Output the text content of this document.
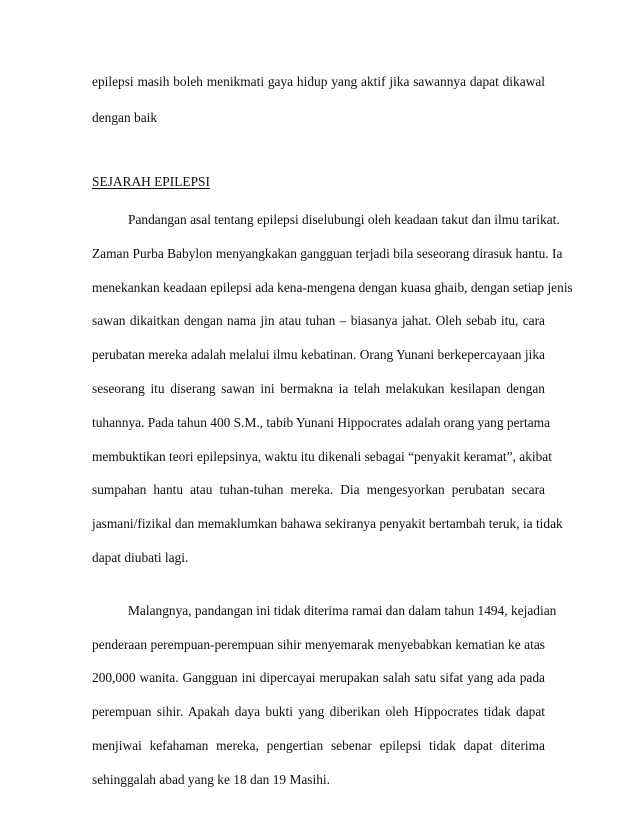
epilepsi masih boleh menikmati gaya hidup yang aktif jika sawannya dapat dikawal
dengan baik
SEJARAH EPILEPSI
Pandangan asal tentang epilepsi diselubungi oleh keadaan takut dan ilmu tarikat.
Zaman Purba Babylon menyangkakan gangguan terjadi bila seseorang dirasuk hantu. Ia
menekankan keadaan epilepsi ada kena-mengena dengan kuasa ghaib, dengan setiap jenis
sawan dikaitkan dengan nama jin atau tuhan – biasanya jahat. Oleh sebab itu, cara
perubatan mereka adalah melalui ilmu kebatinan. Orang Yunani berkepercayaan jika
seseorang itu diserang sawan ini bermakna ia telah melakukan kesilapan dengan
tuhannya. Pada tahun 400 S.M., tabib Yunani Hippocrates adalah orang yang pertama
membuktikan teori epilepsinya, waktu itu dikenali sebagai “penyakit keramat”, akibat
sumpahan hantu atau tuhan-tuhan mereka. Dia mengesyorkan perubatan secara
jasmani/fizikal dan memaklumkan bahawa sekiranya penyakit bertambah teruk, ia tidak
dapat diubati lagi.
Malangnya, pandangan ini tidak diterima ramai dan dalam tahun 1494, kejadian
penderaan perempuan-perempuan sihir menyemarak menyebabkan kematian ke atas
200,000 wanita. Gangguan ini dipercayai merupakan salah satu sifat yang ada pada
perempuan sihir. Apakah daya bukti yang diberikan oleh Hippocrates tidak dapat
menjiwai kefahaman mereka, pengertian sebenar epilepsi tidak dapat diterima
sehinggalah abad yang ke 18 dan 19 Masihi.
